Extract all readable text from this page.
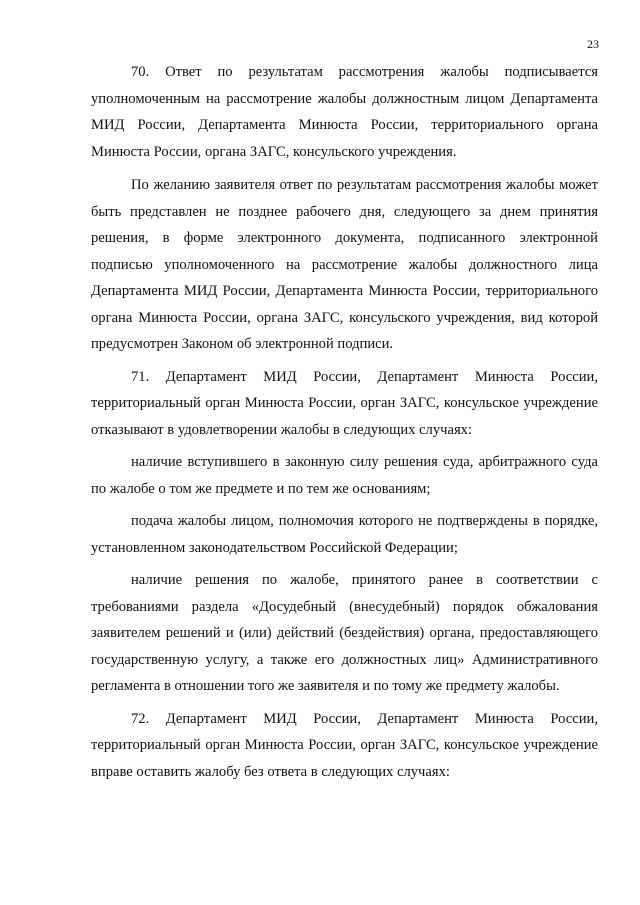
23

70. Ответ по результатам рассмотрения жалобы подписывается уполномоченным на рассмотрение жалобы должностным лицом Департамента МИД России, Департамента Минюста России, территориального органа Минюста России, органа ЗАГС, консульского учреждения.

По желанию заявителя ответ по результатам рассмотрения жалобы может быть представлен не позднее рабочего дня, следующего за днем принятия решения, в форме электронного документа, подписанного электронной подписью уполномоченного на рассмотрение жалобы должностного лица Департамента МИД России, Департамента Минюста России, территориального органа Минюста России, органа ЗАГС, консульского учреждения, вид которой предусмотрен Законом об электронной подписи.

71. Департамент МИД России, Департамент Минюста России, территориальный орган Минюста России, орган ЗАГС, консульское учреждение отказывают в удовлетворении жалобы в следующих случаях:

наличие вступившего в законную силу решения суда, арбитражного суда по жалобе о том же предмете и по тем же основаниям;

подача жалобы лицом, полномочия которого не подтверждены в порядке, установленном законодательством Российской Федерации;

наличие решения по жалобе, принятого ранее в соответствии с требованиями раздела «Досудебный (внесудебный) порядок обжалования заявителем решений и (или) действий (бездействия) органа, предоставляющего государственную услугу, а также его должностных лиц» Административного регламента в отношении того же заявителя и по тому же предмету жалобы.

72. Департамент МИД России, Департамент Минюста России, территориальный орган Минюста России, орган ЗАГС, консульское учреждение вправе оставить жалобу без ответа в следующих случаях:
